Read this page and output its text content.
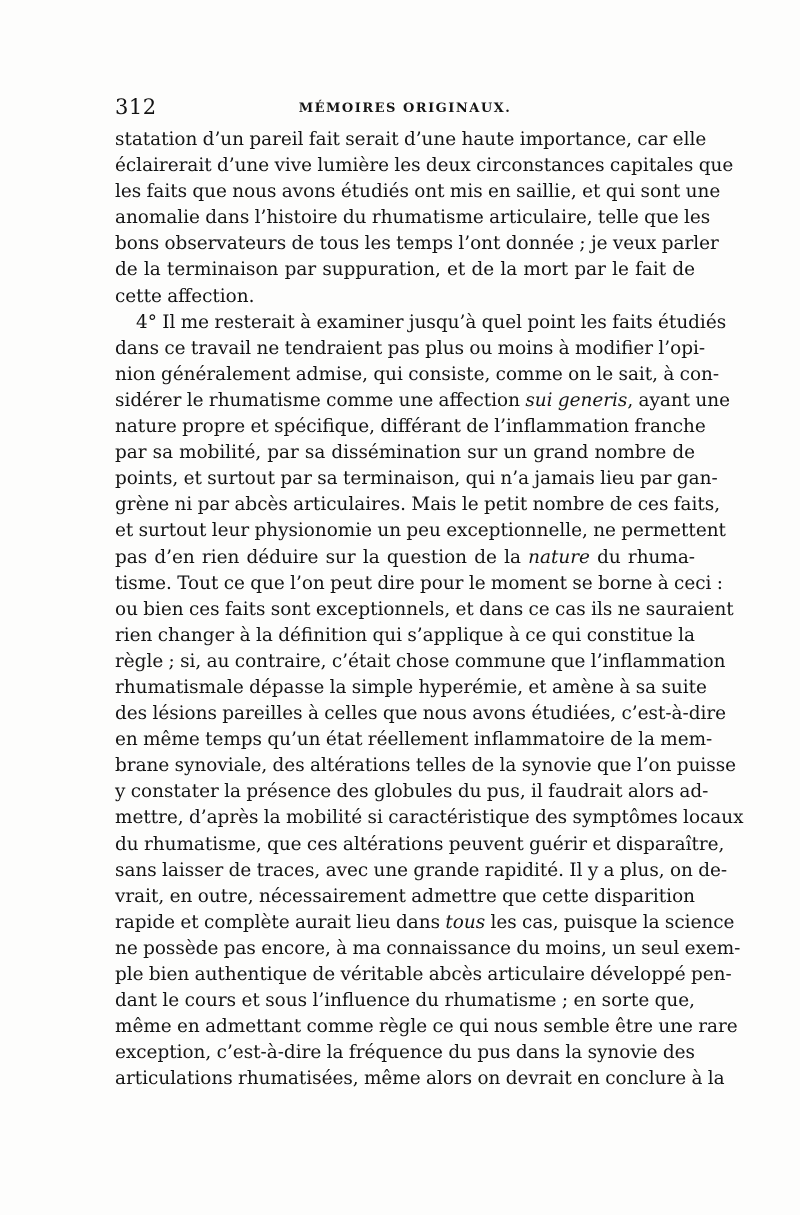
312	MÉMOIRES ORIGINAUX.
statation d’un pareil fait serait d’une haute importance, car elle
éclairerait d’une vive lumière les deux circonstances capitales que
les faits que nous avons étudiés ont mis en saillie, et qui sont une
anomalie dans l’histoire du rhumatisme articulaire, telle que les
bons observateurs de tous les temps l’ont donnée ; je veux parler
de la terminaison par suppuration, et de la mort par le fait de
cette affection.
4° Il me resterait à examiner jusqu’à quel point les faits étudiés
dans ce travail ne tendraient pas plus ou moins à modifier l’opi-
nion généralement admise, qui consiste, comme on le sait, à con-
sidérer le rhumatisme comme une affection sui generis, ayant une
nature propre et spécifique, différant de l’inflammation franche
par sa mobilité, par sa dissémination sur un grand nombre de
points, et surtout par sa terminaison, qui n’a jamais lieu par gan-
grène ni par abcès articulaires. Mais le petit nombre de ces faits,
et surtout leur physionomie un peu exceptionnelle, ne permettent
pas d’en rien déduire sur la question de la nature du rhuma-
tisme. Tout ce que l’on peut dire pour le moment se borne à ceci :
ou bien ces faits sont exceptionnels, et dans ce cas ils ne sauraient
rien changer à la définition qui s’applique à ce qui constitue la
règle ; si, au contraire, c’était chose commune que l’inflammation
rhumatismale dépasse la simple hyperémie, et amène à sa suite
des lésions pareilles à celles que nous avons étudiées, c’est-à-dire
en même temps qu’un état réellement inflammatoire de la mem-
brane synoviale, des altérations telles de la synovie que l’on puisse
y constater la présence des globules du pus, il faudrait alors ad-
mettre, d’après la mobilité si caractéristique des symptômes locaux
du rhumatisme, que ces altérations peuvent guérir et disparaître,
sans laisser de traces, avec une grande rapidité. Il y a plus, on de-
vrait, en outre, nécessairement admettre que cette disparition
rapide et complète aurait lieu dans tous les cas, puisque la science
ne possède pas encore, à ma connaissance du moins, un seul exem-
ple bien authentique de véritable abcès articulaire développé pen-
dant le cours et sous l’influence du rhumatisme ; en sorte que,
même en admettant comme règle ce qui nous semble être une rare
exception, c’est-à-dire la fréquence du pus dans la synovie des
articulations rhumatisées, même alors on devrait en conclure à la
